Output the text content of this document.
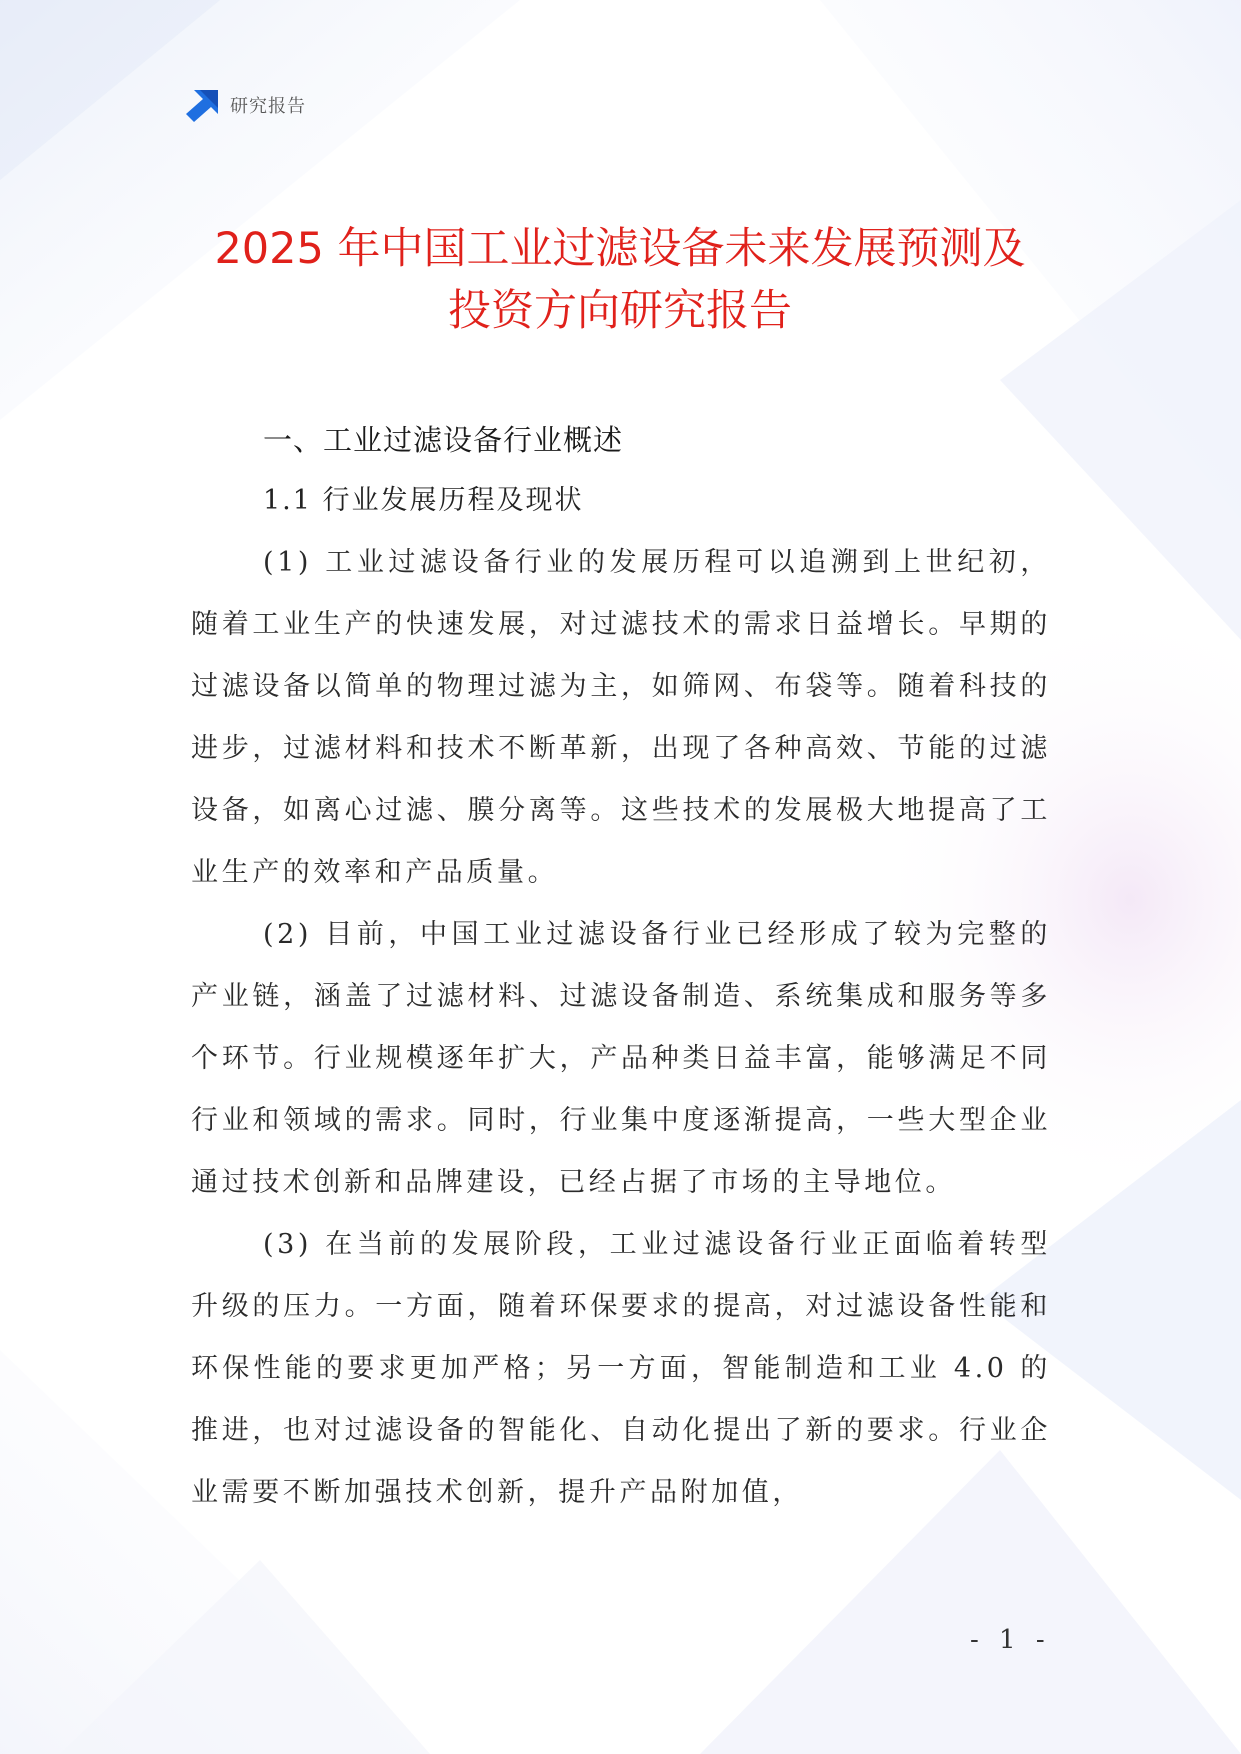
研究报告
2025 年中国工业过滤设备未来发展预测及
投资方向研究报告

一、工业过滤设备行业概述

1.1 行业发展历程及现状

(1) 工业过滤设备行业的发展历程可以追溯到上世纪初，随着工业生产的快速发展，对过滤技术的需求日益增长。早期的过滤设备以简单的物理过滤为主，如筛网、布袋等。随着科技的进步，过滤材料和技术不断革新，出现了各种高效、节能的过滤设备，如离心过滤、膜分离等。这些技术的发展极大地提高了工业生产的效率和产品质量。

(2) 目前，中国工业过滤设备行业已经形成了较为完整的产业链，涵盖了过滤材料、过滤设备制造、系统集成和服务等多个环节。行业规模逐年扩大，产品种类日益丰富，能够满足不同行业和领域的需求。同时，行业集中度逐渐提高，一些大型企业通过技术创新和品牌建设，已经占据了市场的主导地位。

(3) 在当前的发展阶段，工业过滤设备行业正面临着转型升级的压力。一方面，随着环保要求的提高，对过滤设备性能和环保性能的要求更加严格；另一方面，智能制造和工业 4.0 的推进，也对过滤设备的智能化、自动化提出了新的要求。行业企业需要不断加强技术创新，提升产品附加值，

- 1 -
